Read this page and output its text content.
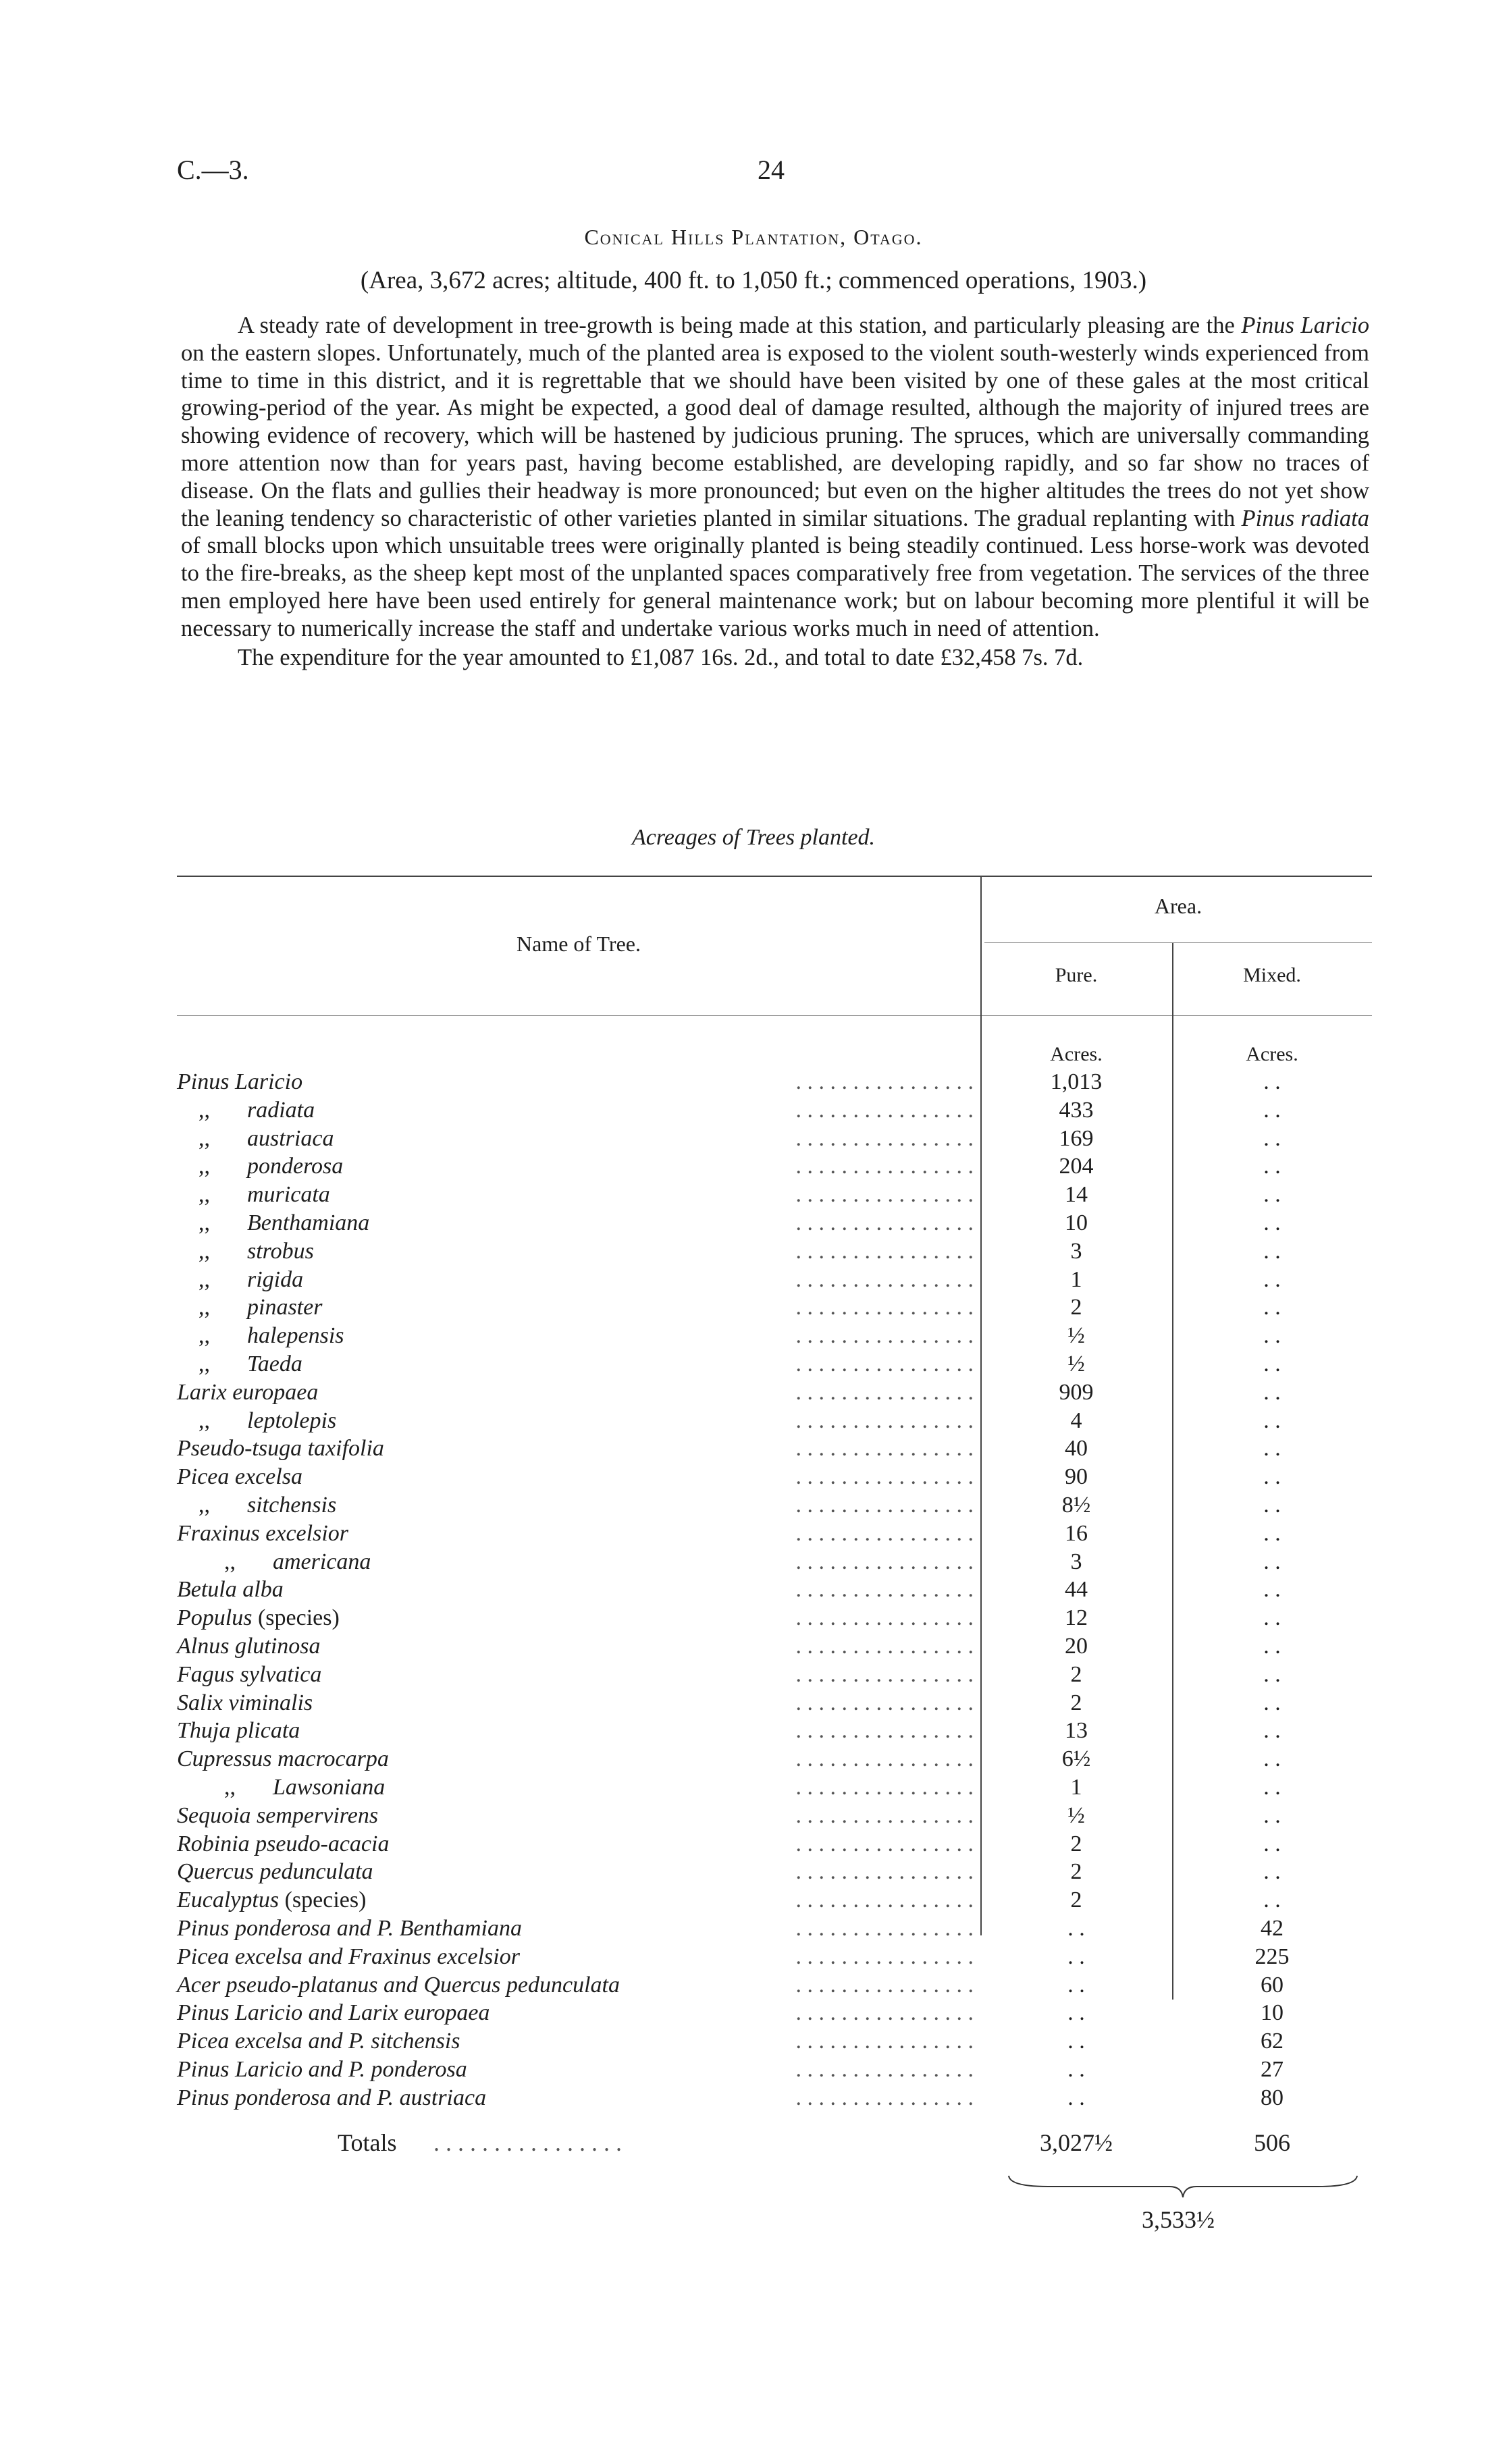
C.—3.	24
Conical Hills Plantation, Otago.
(Area, 3,672 acres; altitude, 400 ft. to 1,050 ft.; commenced operations, 1903.)

A steady rate of development in tree-growth is being made at this station, and particularly pleasing are the Pinus Laricio on the eastern slopes. Unfortunately, much of the planted area is exposed to the violent south-westerly winds experienced from time to time in this district, and it is regrettable that we should have been visited by one of these gales at the most critical growing-period of the year. As might be expected, a good deal of damage resulted, although the majority of injured trees are showing evidence of recovery, which will be hastened by judicious pruning. The spruces, which are universally commanding more attention now than for years past, having become established, are developing rapidly, and so far show no traces of disease. On the flats and gullies their headway is more pronounced; but even on the higher altitudes the trees do not yet show the leaning tendency so characteristic of other varieties planted in similar situations. The gradual replanting with Pinus radiata of small blocks upon which unsuitable trees were originally planted is being steadily continued. Less horse-work was devoted to the fire-breaks, as the sheep kept most of the unplanted spaces comparatively free from vegetation. The services of the three men employed here have been used entirely for general maintenance work; but on labour becoming more plentiful it will be necessary to numerically increase the staff and undertake various works much in need of attention.

The expenditure for the year amounted to £1,087 16s. 2d., and total to date £32,458 7s. 7d.

Acreages of Trees planted.
Name of Tree.
Area.
Pure.	Mixed.
Acres.	Acres.
Pinus Laricio	. . . . . . . . . . . . . . . .	1,013	. .
,, radiata	. . . . . . . . . . . . . . . .	433	. .
,, austriaca	. . . . . . . . . . . . . . . .	169	. .
,, ponderosa	. . . . . . . . . . . . . . . .	204	. .
,, muricata	. . . . . . . . . . . . . . . .	14	. .
,, Benthamiana	. . . . . . . . . . . . . . . .	10	. .
,, strobus	. . . . . . . . . . . . . . . .	3	. .
,, rigida	. . . . . . . . . . . . . . . .	1	. .
,, pinaster	. . . . . . . . . . . . . . . .	2	. .
,, halepensis	. . . . . . . . . . . . . . . .	½	. .
,, Taeda	. . . . . . . . . . . . . . . .	½	. .
Larix europaea	. . . . . . . . . . . . . . . .	909	. .
,, leptolepis	. . . . . . . . . . . . . . . .	4	. .
Pseudo-tsuga taxifolia	. . . . . . . . . . . . . . . .	40	. .
Picea excelsa	. . . . . . . . . . . . . . . .	90	. .
,, sitchensis	. . . . . . . . . . . . . . . .	8½	. .
Fraxinus excelsior	. . . . . . . . . . . . . . . .	16	. .
,, americana	. . . . . . . . . . . . . . . .	3	. .
Betula alba	. . . . . . . . . . . . . . . .	44	. .
Populus (species)	. . . . . . . . . . . . . . . .	12	. .
Alnus glutinosa	. . . . . . . . . . . . . . . .	20	. .
Fagus sylvatica	. . . . . . . . . . . . . . . .	2	. .
Salix viminalis	. . . . . . . . . . . . . . . .	2	. .
Thuja plicata	. . . . . . . . . . . . . . . .	13	. .
Cupressus macrocarpa	. . . . . . . . . . . . . . . .	6½	. .
,, Lawsoniana	. . . . . . . . . . . . . . . .	1	. .
Sequoia sempervirens	. . . . . . . . . . . . . . . .	½	. .
Robinia pseudo-acacia	. . . . . . . . . . . . . . . .	2	. .
Quercus pedunculata	. . . . . . . . . . . . . . . .	2	. .
Eucalyptus (species)	. . . . . . . . . . . . . . . .	2	. .
Pinus ponderosa and P. Benthamiana	. . . . . . . . . . . . . . . .	. .	42
Picea excelsa and Fraxinus excelsior	. . . . . . . . . . . . . . . .	. .	225
Acer pseudo-platanus and Quercus pedunculata	. . . . . . . . . . . . . . . .	. .	60
Pinus Laricio and Larix europaea	. . . . . . . . . . . . . . . .	. .	10
Picea excelsa and P. sitchensis	. . . . . . . . . . . . . . . .	. .	62
Pinus Laricio and P. ponderosa	. . . . . . . . . . . . . . . .	. .	27
Pinus ponderosa and P. austriaca	. . . . . . . . . . . . . . . .	. .	80
Totals . . . . . . . . . . . . . . . .	3,027½	506
3,533½
